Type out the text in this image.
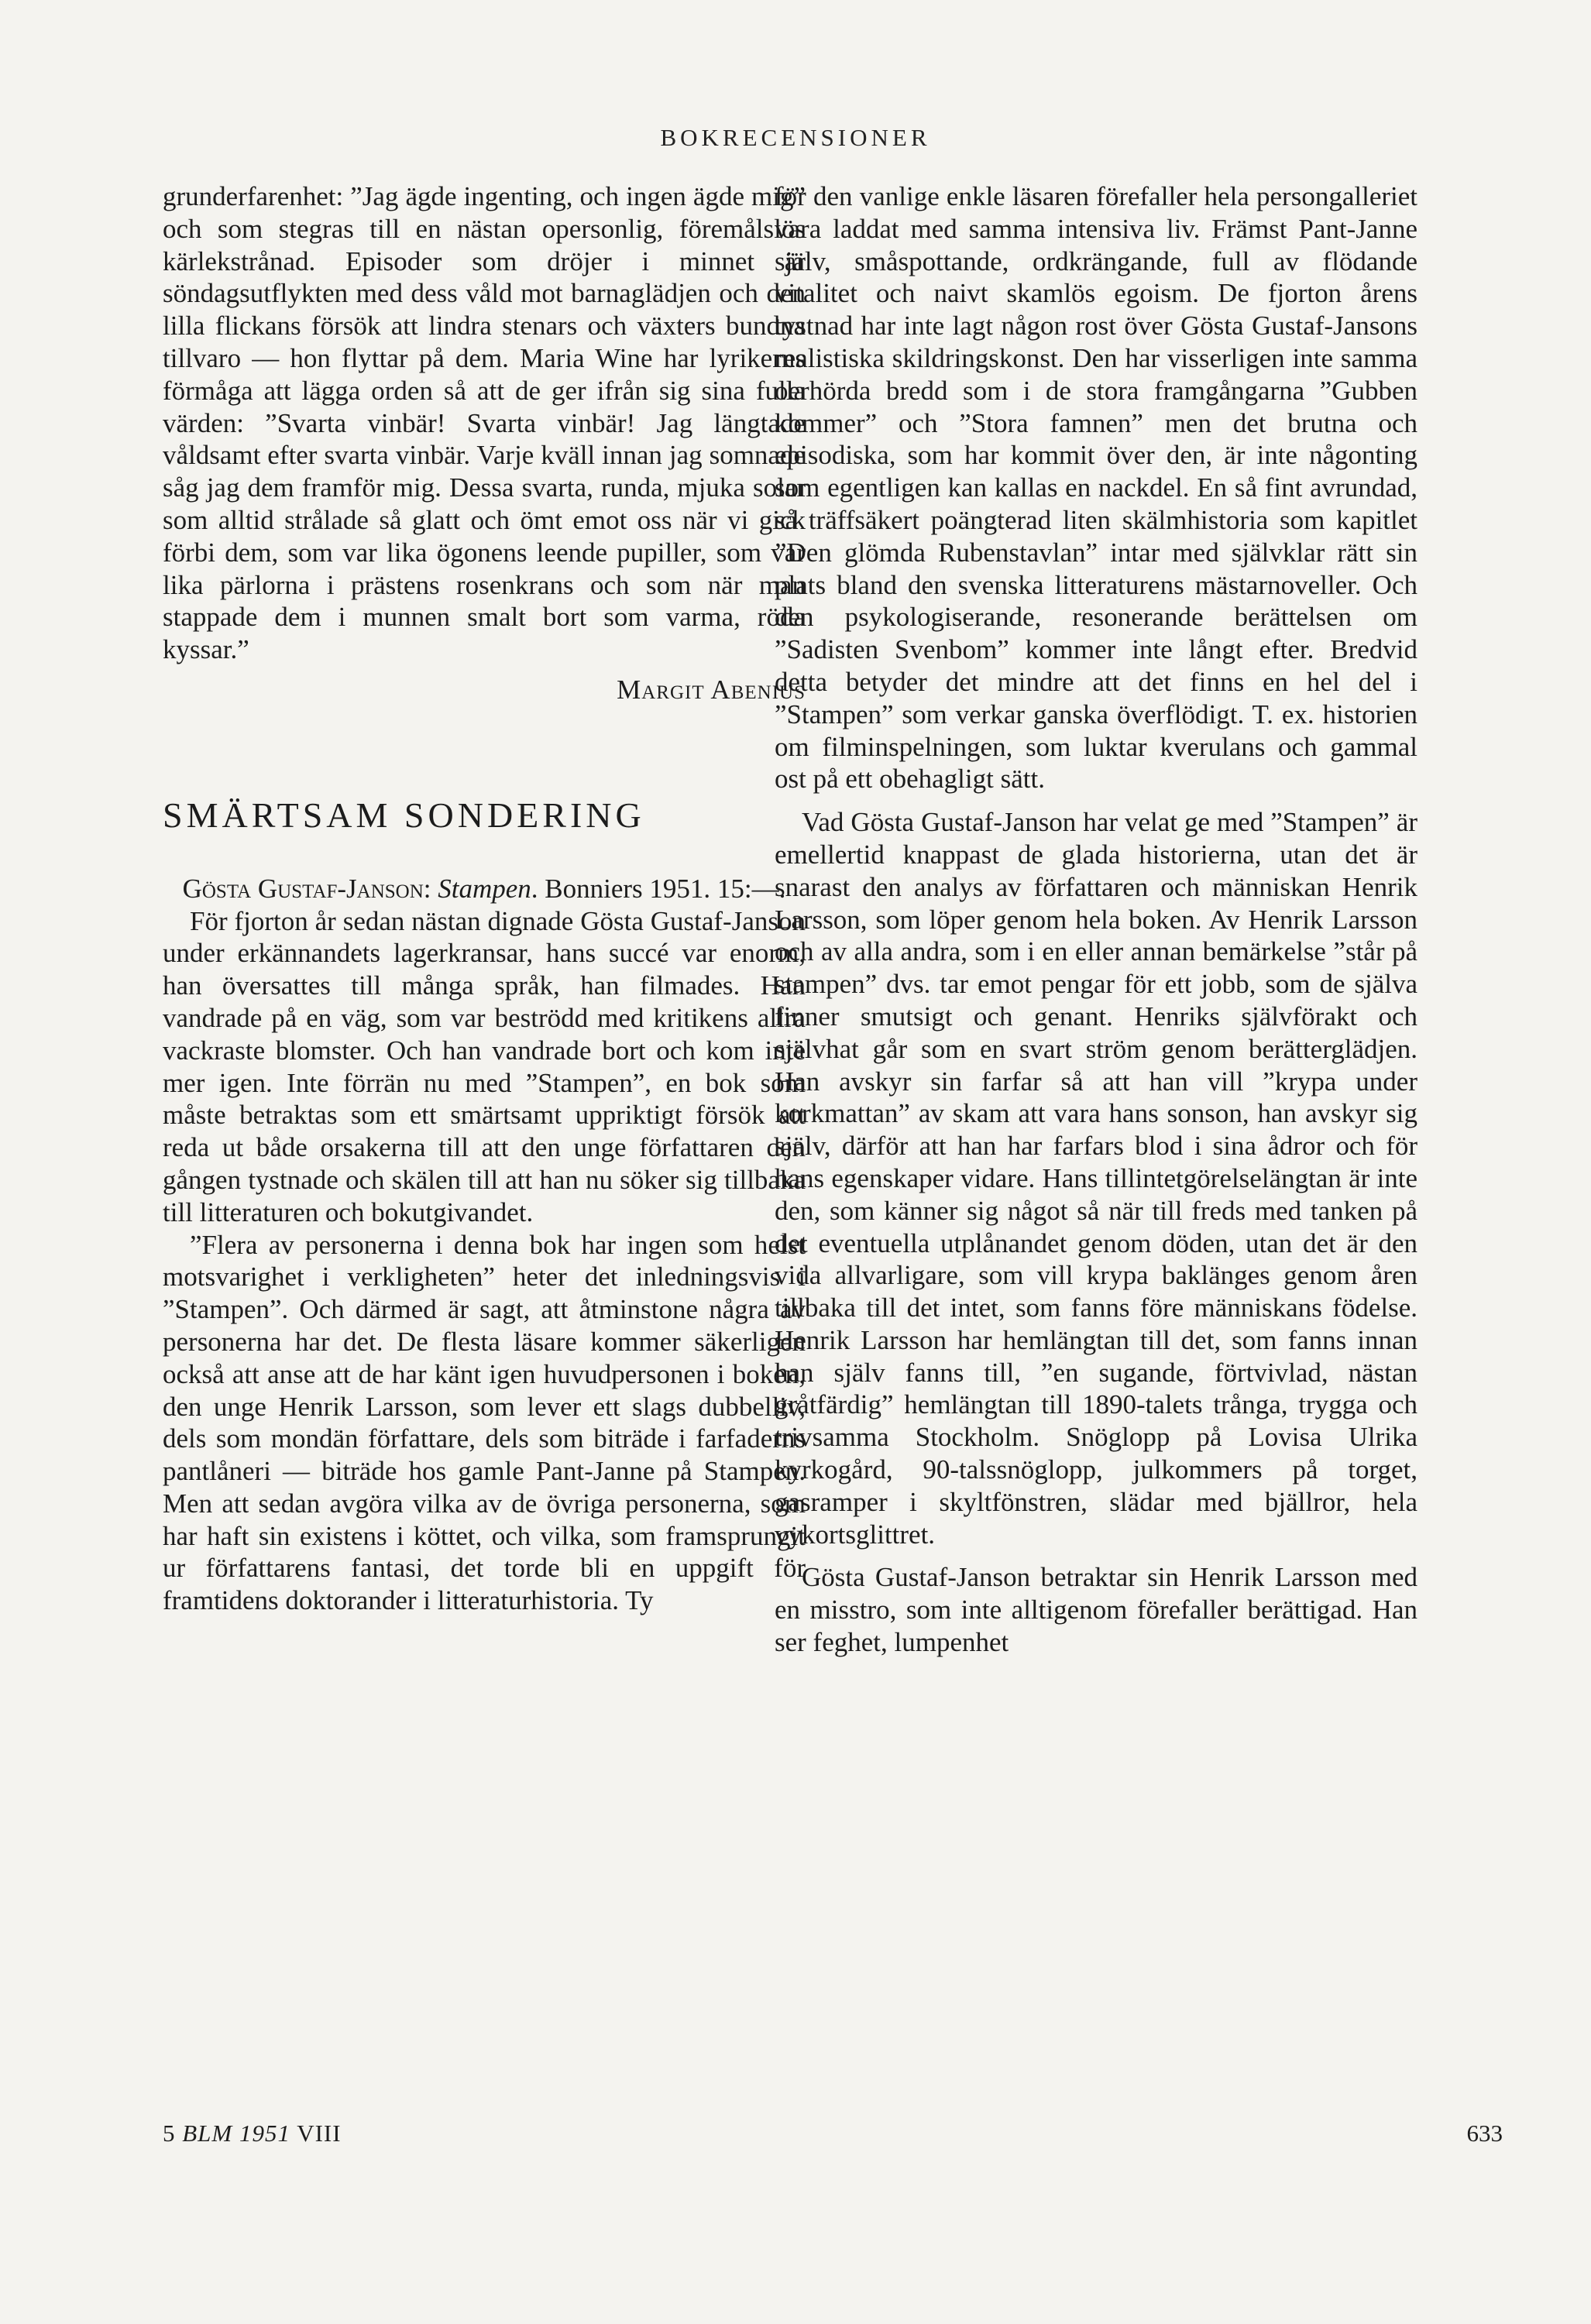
BOKRECENSIONER

grunderfarenhet: ”Jag ägde ingenting, och ingen ägde mig” och som stegras till en nästan opersonlig, föremålslös kärlekstrånad. Episoder som dröjer i minnet är söndagsutflykten med dess våld mot barnaglädjen och den lilla flickans försök att lindra stenars och växters bundna tillvaro — hon flyttar på dem. Maria Wine har lyrikerns förmåga att lägga orden så att de ger ifrån sig sina fulla värden: ”Svarta vinbär! Svarta vinbär! Jag längtade våldsamt efter svarta vinbär. Varje kväll innan jag somnade såg jag dem framför mig. Dessa svarta, runda, mjuka solar som alltid strålade så glatt och ömt emot oss när vi gick förbi dem, som var lika ögonens leende pupiller, som var lika pärlorna i prästens rosenkrans och som när man stappade dem i munnen smalt bort som varma, röda kyssar.”

Margit Abenius
SMÄRTSAM SONDERING
Gösta Gustaf-Janson: Stampen. Bonniers 1951. 15:—.

För fjorton år sedan nästan dignade Gösta Gustaf-Janson under erkännandets lagerkransar, hans succé var enorm, han översattes till många språk, han filmades. Han vandrade på en väg, som var beströdd med kritikens allra vackraste blomster. Och han vandrade bort och kom inte mer igen. Inte förrän nu med ”Stampen”, en bok som måste betraktas som ett smärtsamt uppriktigt försök att reda ut både orsakerna till att den unge författaren den gången tystnade och skälen till att han nu söker sig tillbaka till litteraturen och bokutgivandet.

”Flera av personerna i denna bok har ingen som helst motsvarighet i verkligheten” heter det inledningsvis i ”Stampen”. Och därmed är sagt, att åtminstone några av personerna har det. De flesta läsare kommer säkerligen också att anse att de har känt igen huvudpersonen i boken, den unge Henrik Larsson, som lever ett slags dubbelliv, dels som mondän författare, dels som biträde i farfaderns pantlåneri — biträde hos gamle Pant-Janne på Stampen. Men att sedan avgöra vilka av de övriga personerna, som har haft sin existens i köttet, och vilka, som framsprungit ur författarens fantasi, det torde bli en uppgift för framtidens doktorander i litteraturhistoria. Ty

för den vanlige enkle läsaren förefaller hela persongalleriet vara laddat med samma intensiva liv. Främst Pant-Janne själv, småspottande, ordkrängande, full av flödande vitalitet och naivt skamlös egoism. De fjorton årens tystnad har inte lagt någon rost över Gösta Gustaf-Jansons realistiska skildringskonst. Den har visserligen inte samma oerhörda bredd som i de stora framgångarna ”Gubben kommer” och ”Stora famnen” men det brutna och episodiska, som har kommit över den, är inte någonting som egentligen kan kallas en nackdel. En så fint avrundad, så träffsäkert poängterad liten skälmhistoria som kapitlet ”Den glömda Rubenstavlan” intar med självklar rätt sin plats bland den svenska litteraturens mästarnoveller. Och den psykologiserande, resonerande berättelsen om ”Sadisten Svenbom” kommer inte långt efter. Bredvid detta betyder det mindre att det finns en hel del i ”Stampen” som verkar ganska överflödigt. T. ex. historien om filminspelningen, som luktar kverulans och gammal ost på ett obehagligt sätt.

Vad Gösta Gustaf-Janson har velat ge med ”Stampen” är emellertid knappast de glada historierna, utan det är snarast den analys av författaren och människan Henrik Larsson, som löper genom hela boken. Av Henrik Larsson och av alla andra, som i en eller annan bemärkelse ”står på stampen” dvs. tar emot pengar för ett jobb, som de själva finner smutsigt och genant. Henriks självförakt och självhat går som en svart ström genom berätterglädjen. Han avskyr sin farfar så att han vill ”krypa under korkmattan” av skam att vara hans sonson, han avskyr sig själv, därför att han har farfars blod i sina ådror och för hans egenskaper vidare. Hans tillintetgörelselängtan är inte den, som känner sig något så när till freds med tanken på det eventuella utplånandet genom döden, utan det är den vida allvarligare, som vill krypa baklänges genom åren tillbaka till det intet, som fanns före människans födelse. Henrik Larsson har hemlängtan till det, som fanns innan han själv fanns till, ”en sugande, förtvivlad, nästan gråtfärdig” hemlängtan till 1890-talets trånga, trygga och trivsamma Stockholm. Snöglopp på Lovisa Ulrika kyrkogård, 90-talssnöglopp, julkommers på torget, gasramper i skyltfönstren, slädar med bjällror, hela vykortsglittret.

Gösta Gustaf-Janson betraktar sin Henrik Larsson med en misstro, som inte alltigenom förefaller berättigad. Han ser feghet, lumpenhet

5 BLM 1951 VIII	633
